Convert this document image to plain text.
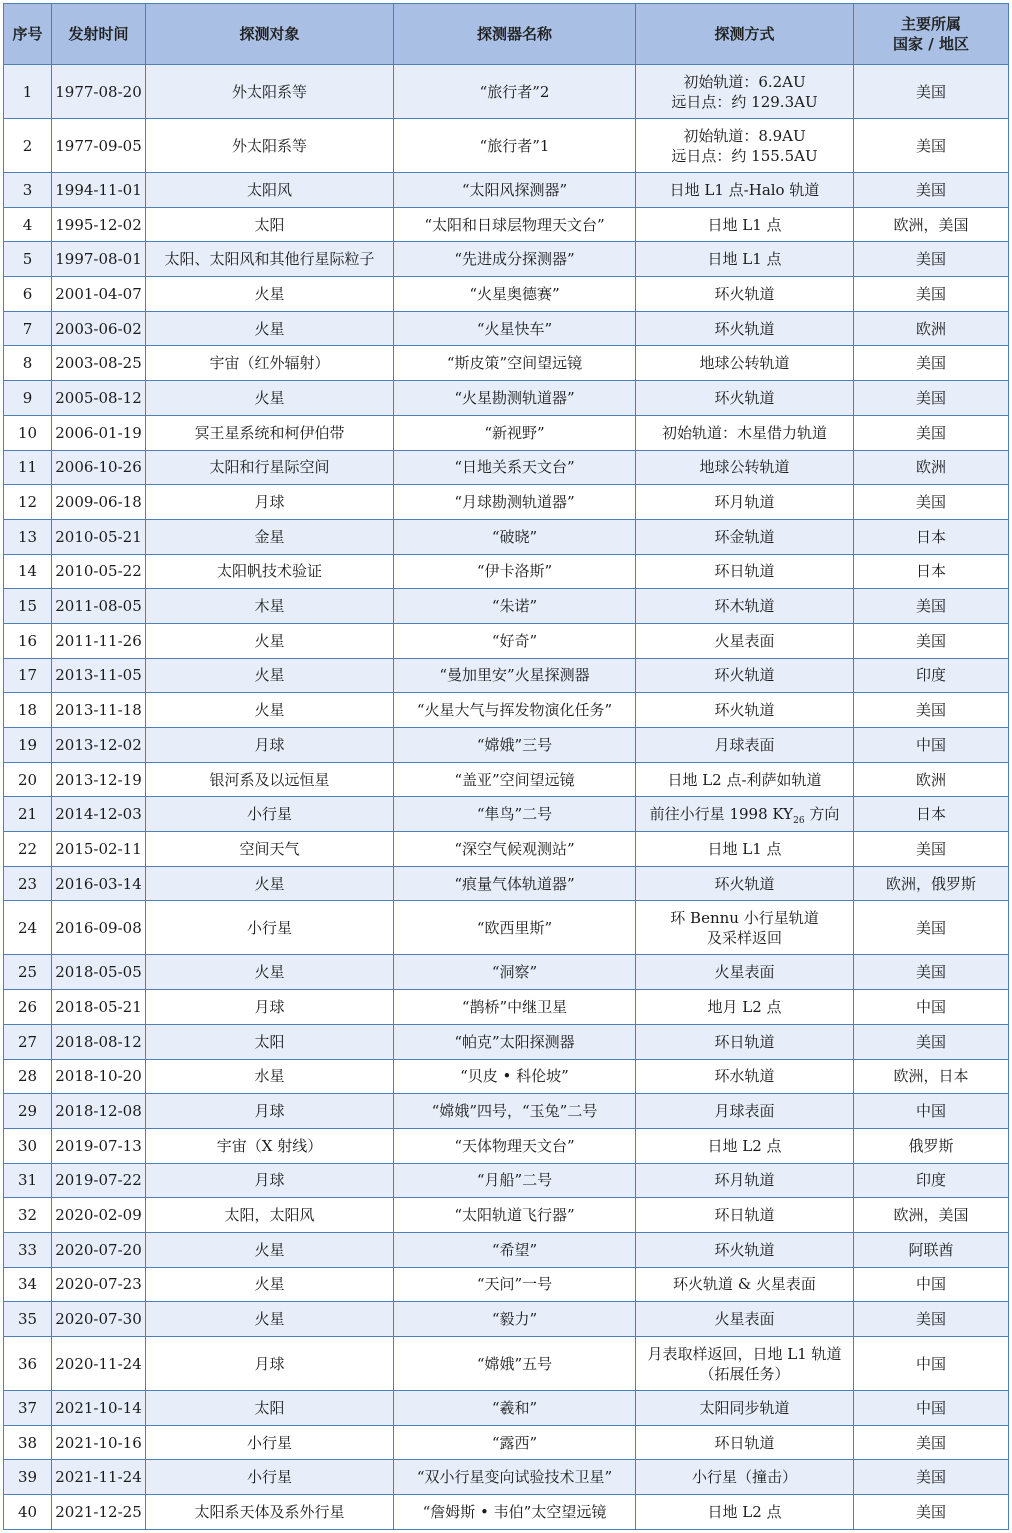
序号	发射时间	探测对象	探测器名称	探测方式	主要所属
国家 / 地区
1	1977-08-20	外太阳系等	“旅行者”2	初始轨道：6.2AU
远日点：约 129.3AU	美国
2	1977-09-05	外太阳系等	“旅行者”1	初始轨道：8.9AU
远日点：约 155.5AU	美国
3	1994-11-01	太阳风	“太阳风探测器”	日地 L1 点-Halo 轨道	美国
4	1995-12-02	太阳	“太阳和日球层物理天文台”	日地 L1 点	欧洲，美国
5	1997-08-01	太阳、太阳风和其他行星际粒子	“先进成分探测器”	日地 L1 点	美国
6	2001-04-07	火星	“火星奥德赛”	环火轨道	美国
7	2003-06-02	火星	“火星快车”	环火轨道	欧洲
8	2003-08-25	宇宙（红外辐射）	“斯皮策”空间望远镜	地球公转轨道	美国
9	2005-08-12	火星	“火星勘测轨道器”	环火轨道	美国
10	2006-01-19	冥王星系统和柯伊伯带	“新视野”	初始轨道：木星借力轨道	美国
11	2006-10-26	太阳和行星际空间	“日地关系天文台”	地球公转轨道	欧洲
12	2009-06-18	月球	“月球勘测轨道器”	环月轨道	美国
13	2010-05-21	金星	“破晓”	环金轨道	日本
14	2010-05-22	太阳帆技术验证	“伊卡洛斯”	环日轨道	日本
15	2011-08-05	木星	“朱诺”	环木轨道	美国
16	2011-11-26	火星	“好奇”	火星表面	美国
17	2013-11-05	火星	“曼加里安”火星探测器	环火轨道	印度
18	2013-11-18	火星	“火星大气与挥发物演化任务”	环火轨道	美国
19	2013-12-02	月球	“嫦娥”三号	月球表面	中国
20	2013-12-19	银河系及以远恒星	“盖亚”空间望远镜	日地 L2 点-利萨如轨道	欧洲
21	2014-12-03	小行星	“隼鸟”二号	前往小行星 1998 $KY_{26}$ 方向	日本
22	2015-02-11	空间天气	“深空气候观测站”	日地 L1 点	美国
23	2016-03-14	火星	“痕量气体轨道器”	环火轨道	欧洲，俄罗斯
24	2016-09-08	小行星	“欧西里斯”	环 Bennu 小行星轨道
及采样返回	美国
25	2018-05-05	火星	“洞察”	火星表面	美国
26	2018-05-21	月球	“鹊桥”中继卫星	地月 L2 点	中国
27	2018-08-12	太阳	“帕克”太阳探测器	环日轨道	美国
28	2018-10-20	水星	“贝皮 • 科伦坡”	环水轨道	欧洲，日本
29	2018-12-08	月球	“嫦娥”四号，“玉兔”二号	月球表面	中国
30	2019-07-13	宇宙（X 射线）	“天体物理天文台”	日地 L2 点	俄罗斯
31	2019-07-22	月球	“月船”二号	环月轨道	印度
32	2020-02-09	太阳，太阳风	“太阳轨道飞行器”	环日轨道	欧洲，美国
33	2020-07-20	火星	“希望”	环火轨道	阿联酋
34	2020-07-23	火星	“天问”一号	环火轨道 & 火星表面	中国
35	2020-07-30	火星	“毅力”	火星表面	美国
36	2020-11-24	月球	“嫦娥”五号	月表取样返回，日地 L1 轨道
（拓展任务）	中国
37	2021-10-14	太阳	“羲和”	太阳同步轨道	中国
38	2021-10-16	小行星	“露西”	环日轨道	美国
39	2021-11-24	小行星	“双小行星变向试验技术卫星”	小行星（撞击）	美国
40	2021-12-25	太阳系天体及系外行星	“詹姆斯 • 韦伯”太空望远镜	日地 L2 点	美国
